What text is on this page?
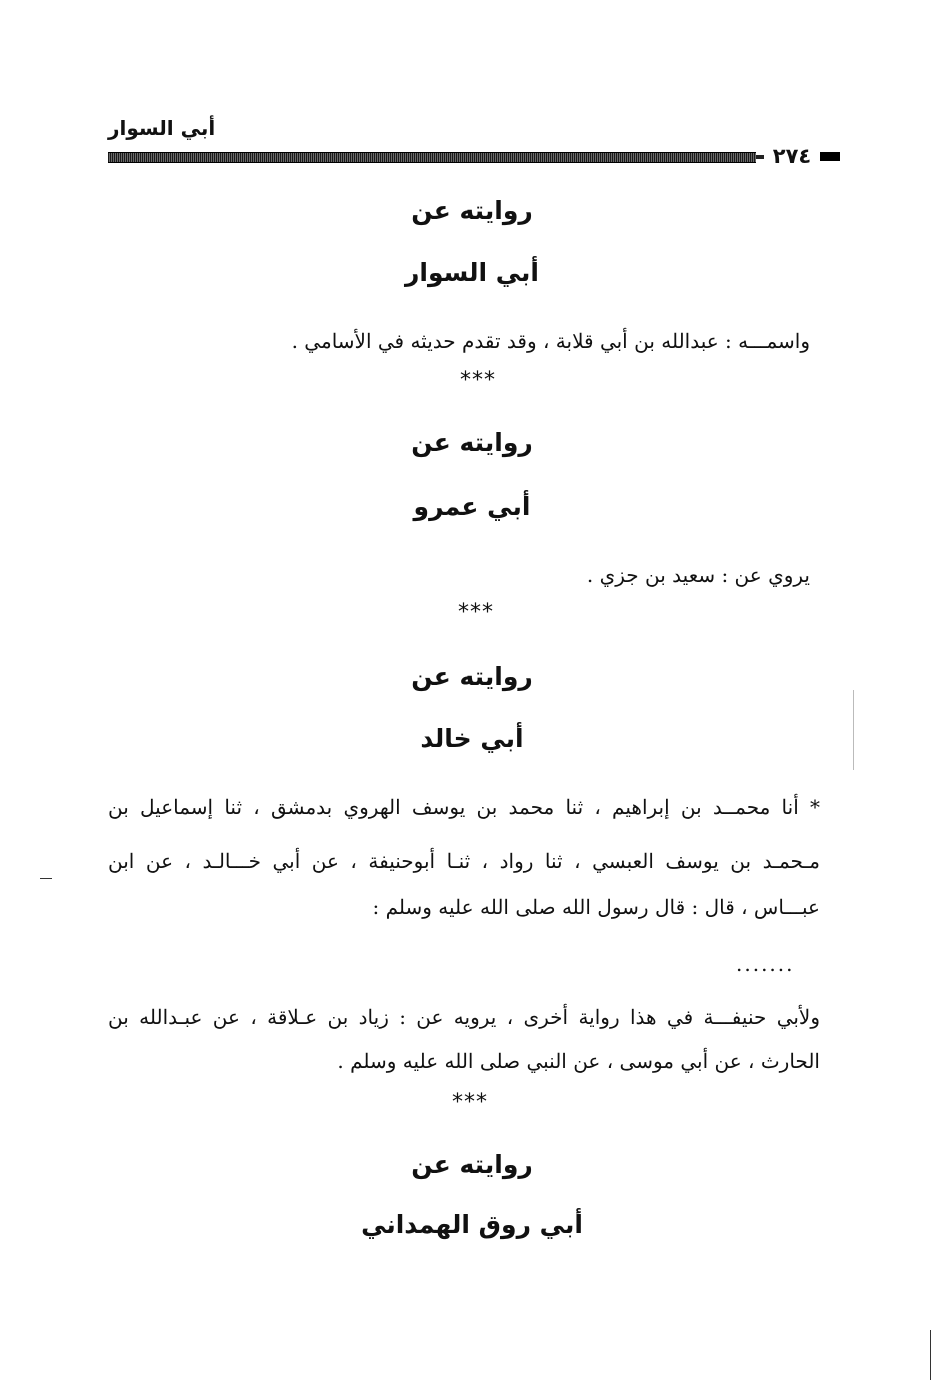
أبي السوار
٢٧٤
روايته عن
أبي السوار
واسمـــه : عبدالله بن أبي قلابة ، وقد تقدم حديثه في الأسامي .
***
روايته عن
أبي عمرو
يروي عن : سعيد بن جزي .
***
روايته عن
أبي خالد
* أنا محمــد بن إبراهيم ، ثنا محمد بن يوسف الهروي بدمشق ، ثنا إسماعيل بن
مـحمـد بن يوسف العبسي ، ثنا رواد ، ثنـا أبوحنيفة ، عن أبي خـــالـد ، عن ابن
عبـــاس ، قال : قال رسول الله صلى الله عليه وسلم :
.......
ولأبي حنيفـــة في هذا رواية أخرى ، يرويه عن : زياد بن عـلاقة ، عن عبـدالله بن
الحارث ، عن أبي موسى ، عن النبي صلى الله عليه وسلم .
***
روايته عن
أبي روق الهمداني
